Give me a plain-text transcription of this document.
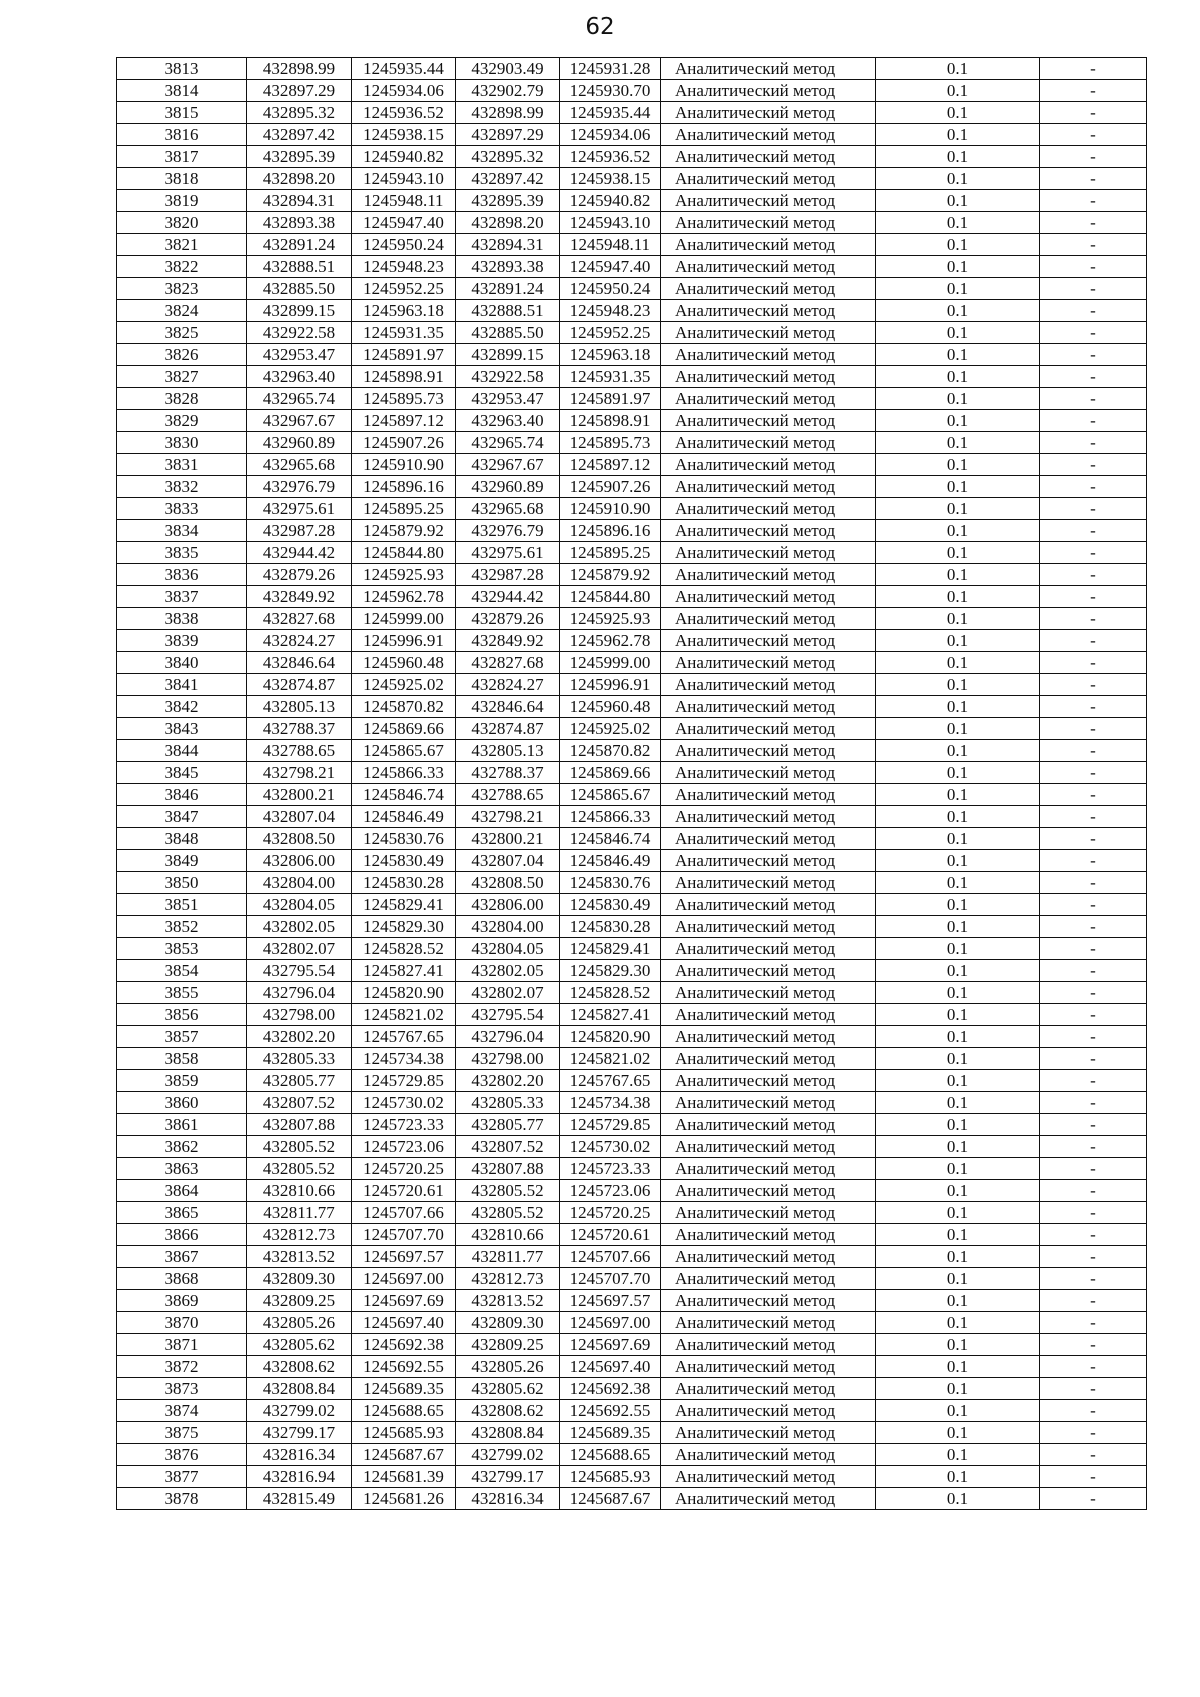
62
3813	432898.99	1245935.44	432903.49	1245931.28	Аналитический метод	0.1	-
3814	432897.29	1245934.06	432902.79	1245930.70	Аналитический метод	0.1	-
3815	432895.32	1245936.52	432898.99	1245935.44	Аналитический метод	0.1	-
3816	432897.42	1245938.15	432897.29	1245934.06	Аналитический метод	0.1	-
3817	432895.39	1245940.82	432895.32	1245936.52	Аналитический метод	0.1	-
3818	432898.20	1245943.10	432897.42	1245938.15	Аналитический метод	0.1	-
3819	432894.31	1245948.11	432895.39	1245940.82	Аналитический метод	0.1	-
3820	432893.38	1245947.40	432898.20	1245943.10	Аналитический метод	0.1	-
3821	432891.24	1245950.24	432894.31	1245948.11	Аналитический метод	0.1	-
3822	432888.51	1245948.23	432893.38	1245947.40	Аналитический метод	0.1	-
3823	432885.50	1245952.25	432891.24	1245950.24	Аналитический метод	0.1	-
3824	432899.15	1245963.18	432888.51	1245948.23	Аналитический метод	0.1	-
3825	432922.58	1245931.35	432885.50	1245952.25	Аналитический метод	0.1	-
3826	432953.47	1245891.97	432899.15	1245963.18	Аналитический метод	0.1	-
3827	432963.40	1245898.91	432922.58	1245931.35	Аналитический метод	0.1	-
3828	432965.74	1245895.73	432953.47	1245891.97	Аналитический метод	0.1	-
3829	432967.67	1245897.12	432963.40	1245898.91	Аналитический метод	0.1	-
3830	432960.89	1245907.26	432965.74	1245895.73	Аналитический метод	0.1	-
3831	432965.68	1245910.90	432967.67	1245897.12	Аналитический метод	0.1	-
3832	432976.79	1245896.16	432960.89	1245907.26	Аналитический метод	0.1	-
3833	432975.61	1245895.25	432965.68	1245910.90	Аналитический метод	0.1	-
3834	432987.28	1245879.92	432976.79	1245896.16	Аналитический метод	0.1	-
3835	432944.42	1245844.80	432975.61	1245895.25	Аналитический метод	0.1	-
3836	432879.26	1245925.93	432987.28	1245879.92	Аналитический метод	0.1	-
3837	432849.92	1245962.78	432944.42	1245844.80	Аналитический метод	0.1	-
3838	432827.68	1245999.00	432879.26	1245925.93	Аналитический метод	0.1	-
3839	432824.27	1245996.91	432849.92	1245962.78	Аналитический метод	0.1	-
3840	432846.64	1245960.48	432827.68	1245999.00	Аналитический метод	0.1	-
3841	432874.87	1245925.02	432824.27	1245996.91	Аналитический метод	0.1	-
3842	432805.13	1245870.82	432846.64	1245960.48	Аналитический метод	0.1	-
3843	432788.37	1245869.66	432874.87	1245925.02	Аналитический метод	0.1	-
3844	432788.65	1245865.67	432805.13	1245870.82	Аналитический метод	0.1	-
3845	432798.21	1245866.33	432788.37	1245869.66	Аналитический метод	0.1	-
3846	432800.21	1245846.74	432788.65	1245865.67	Аналитический метод	0.1	-
3847	432807.04	1245846.49	432798.21	1245866.33	Аналитический метод	0.1	-
3848	432808.50	1245830.76	432800.21	1245846.74	Аналитический метод	0.1	-
3849	432806.00	1245830.49	432807.04	1245846.49	Аналитический метод	0.1	-
3850	432804.00	1245830.28	432808.50	1245830.76	Аналитический метод	0.1	-
3851	432804.05	1245829.41	432806.00	1245830.49	Аналитический метод	0.1	-
3852	432802.05	1245829.30	432804.00	1245830.28	Аналитический метод	0.1	-
3853	432802.07	1245828.52	432804.05	1245829.41	Аналитический метод	0.1	-
3854	432795.54	1245827.41	432802.05	1245829.30	Аналитический метод	0.1	-
3855	432796.04	1245820.90	432802.07	1245828.52	Аналитический метод	0.1	-
3856	432798.00	1245821.02	432795.54	1245827.41	Аналитический метод	0.1	-
3857	432802.20	1245767.65	432796.04	1245820.90	Аналитический метод	0.1	-
3858	432805.33	1245734.38	432798.00	1245821.02	Аналитический метод	0.1	-
3859	432805.77	1245729.85	432802.20	1245767.65	Аналитический метод	0.1	-
3860	432807.52	1245730.02	432805.33	1245734.38	Аналитический метод	0.1	-
3861	432807.88	1245723.33	432805.77	1245729.85	Аналитический метод	0.1	-
3862	432805.52	1245723.06	432807.52	1245730.02	Аналитический метод	0.1	-
3863	432805.52	1245720.25	432807.88	1245723.33	Аналитический метод	0.1	-
3864	432810.66	1245720.61	432805.52	1245723.06	Аналитический метод	0.1	-
3865	432811.77	1245707.66	432805.52	1245720.25	Аналитический метод	0.1	-
3866	432812.73	1245707.70	432810.66	1245720.61	Аналитический метод	0.1	-
3867	432813.52	1245697.57	432811.77	1245707.66	Аналитический метод	0.1	-
3868	432809.30	1245697.00	432812.73	1245707.70	Аналитический метод	0.1	-
3869	432809.25	1245697.69	432813.52	1245697.57	Аналитический метод	0.1	-
3870	432805.26	1245697.40	432809.30	1245697.00	Аналитический метод	0.1	-
3871	432805.62	1245692.38	432809.25	1245697.69	Аналитический метод	0.1	-
3872	432808.62	1245692.55	432805.26	1245697.40	Аналитический метод	0.1	-
3873	432808.84	1245689.35	432805.62	1245692.38	Аналитический метод	0.1	-
3874	432799.02	1245688.65	432808.62	1245692.55	Аналитический метод	0.1	-
3875	432799.17	1245685.93	432808.84	1245689.35	Аналитический метод	0.1	-
3876	432816.34	1245687.67	432799.02	1245688.65	Аналитический метод	0.1	-
3877	432816.94	1245681.39	432799.17	1245685.93	Аналитический метод	0.1	-
3878	432815.49	1245681.26	432816.34	1245687.67	Аналитический метод	0.1	-
